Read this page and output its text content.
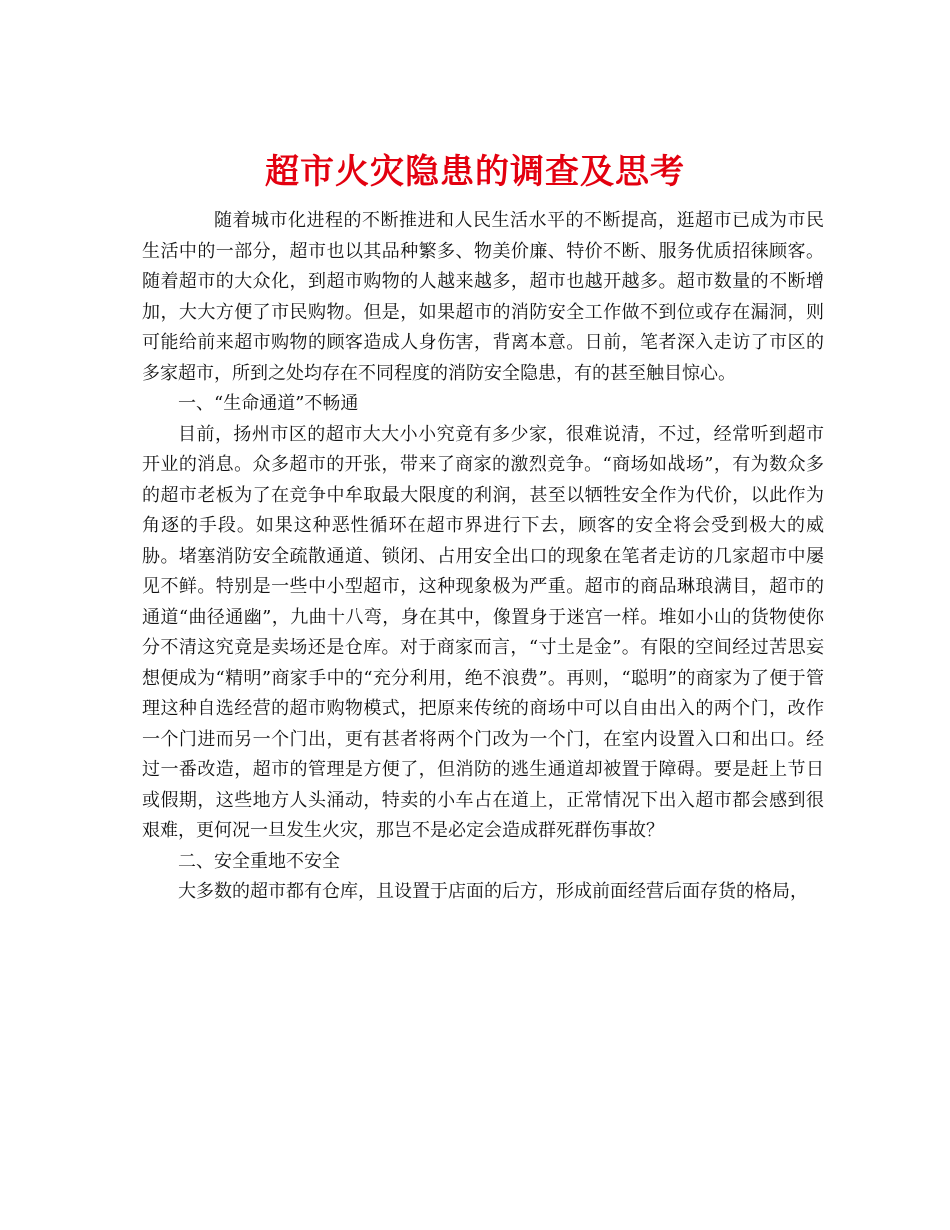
超市火灾隐患的调查及思考

随着城市化进程的不断推进和人民生活水平的不断提高，逛超市已成为市民生活中的一部分，超市也以其品种繁多、物美价廉、特价不断、服务优质招徕顾客。随着超市的大众化，到超市购物的人越来越多，超市也越开越多。超市数量的不断增加，大大方便了市民购物。但是，如果超市的消防安全工作做不到位或存在漏洞，则可能给前来超市购物的顾客造成人身伤害，背离本意。日前，笔者深入走访了市区的多家超市，所到之处均存在不同程度的消防安全隐患，有的甚至触目惊心。

一、“生命通道”不畅通

目前，扬州市区的超市大大小小究竟有多少家，很难说清，不过，经常听到超市开业的消息。众多超市的开张，带来了商家的激烈竞争。“商场如战场”，有为数众多的超市老板为了在竞争中牟取最大限度的利润，甚至以牺牲安全作为代价，以此作为角逐的手段。如果这种恶性循环在超市界进行下去，顾客的安全将会受到极大的威胁。堵塞消防安全疏散通道、锁闭、占用安全出口的现象在笔者走访的几家超市中屡见不鲜。特别是一些中小型超市，这种现象极为严重。超市的商品琳琅满目，超市的通道“曲径通幽”，九曲十八弯，身在其中，像置身于迷宫一样。堆如小山的货物使你分不清这究竟是卖场还是仓库。对于商家而言，“寸土是金”。有限的空间经过苦思妄想便成为“精明”商家手中的“充分利用，绝不浪费”。再则，“聪明”的商家为了便于管理这种自选经营的超市购物模式，把原来传统的商场中可以自由出入的两个门，改作一个门进而另一个门出，更有甚者将两个门改为一个门，在室内设置入口和出口。经过一番改造，超市的管理是方便了，但消防的逃生通道却被置于障碍。要是赶上节日或假期，这些地方人头涌动，特卖的小车占在道上，正常情况下出入超市都会感到很艰难，更何况一旦发生火灾，那岂不是必定会造成群死群伤事故？

二、安全重地不安全

大多数的超市都有仓库，且设置于店面的后方，形成前面经营后面存货的格局，
